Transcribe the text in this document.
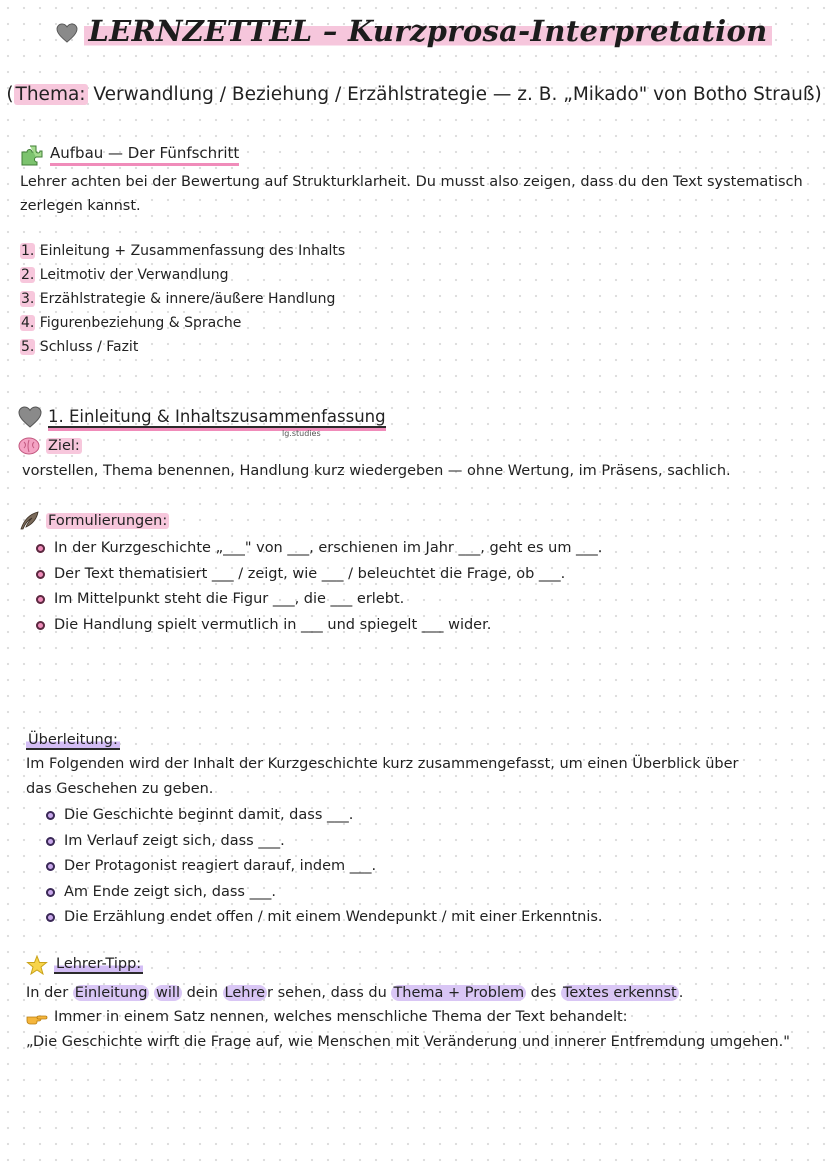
LERNZETTEL – Kurzprosa-Interpretation
( Thema: Verwandlung / Beziehung / Erzählstrategie — z. B. „Mikado" von Botho Strauß)
Aufbau — Der Fünfschritt
Lehrer achten bei der Bewertung auf Strukturklarheit. Du musst also zeigen, dass du den Text systematisch zerlegen kannst.
1. Einleitung + Zusammenfassung des Inhalts
2. Leitmotiv der Verwandlung
3. Erzählstrategie & innere/äußere Handlung
4. Figurenbeziehung & Sprache
5. Schluss / Fazit
1. Einleitung & Inhaltszusammenfassung
lg.studies
Ziel:
vorstellen, Thema benennen, Handlung kurz wiedergeben — ohne Wertung, im Präsens, sachlich.
Formulierungen:
In der Kurzgeschichte „___" von ___, erschienen im Jahr ___, geht es um ___.
Der Text thematisiert ___ / zeigt, wie ___ / beleuchtet die Frage, ob ___.
Im Mittelpunkt steht die Figur ___, die ___ erlebt.
Die Handlung spielt vermutlich in ___ und spiegelt ___ wider.
Überleitung:
Im Folgenden wird der Inhalt der Kurzgeschichte kurz zusammengefasst, um einen Überblick über das Geschehen zu geben.
Die Geschichte beginnt damit, dass ___.
Im Verlauf zeigt sich, dass ___.
Der Protagonist reagiert darauf, indem ___.
Am Ende zeigt sich, dass ___.
Die Erzählung endet offen / mit einem Wendepunkt / mit einer Erkenntnis.
Lehrer-Tipp:
In der Einleitung will dein Lehre r sehen, dass du Thema + Problem des Textes erkennst .
Immer in einem Satz nennen, welches menschliche Thema der Text behandelt:
„Die Geschichte wirft die Frage auf, wie Menschen mit Veränderung und innerer Entfremdung umgehen."
